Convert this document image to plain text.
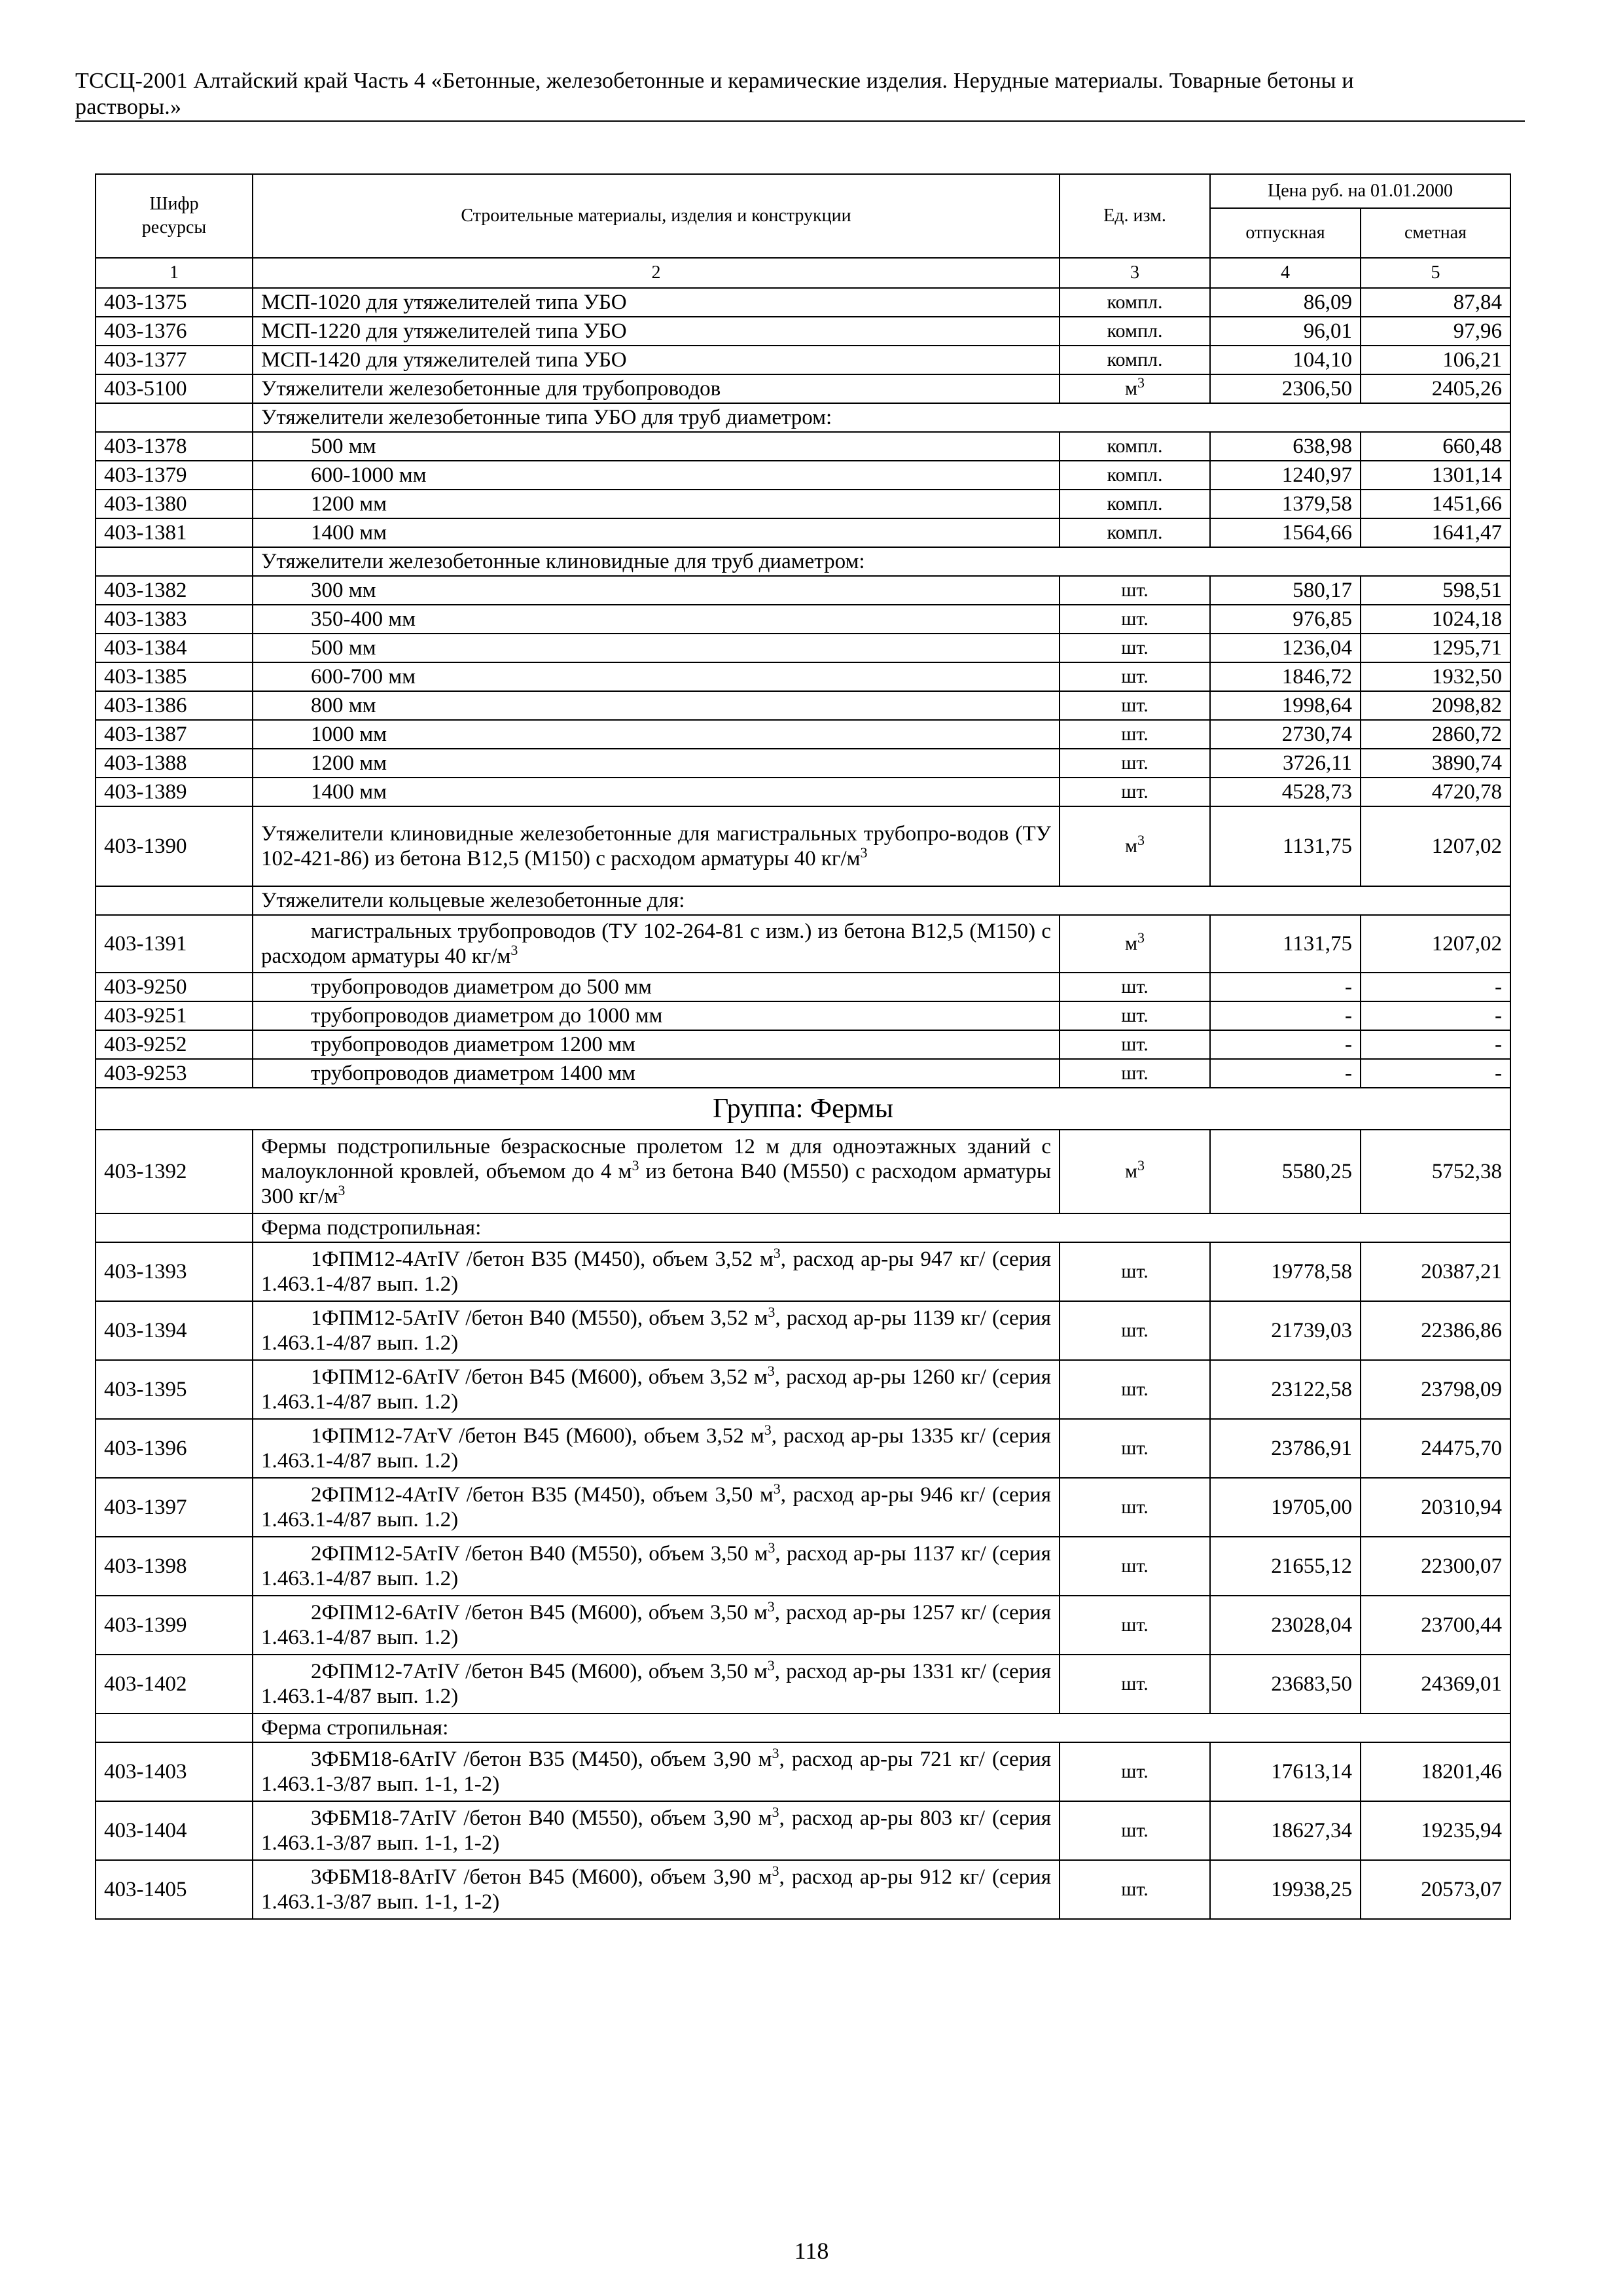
ТССЦ-2001 Алтайский край Часть 4 «Бетонные, железобетонные и керамические изделия. Нерудные материалы. Товарные бетоны и
растворы.»
Шифр ресурсы	Строительные материалы, изделия и конструкции	Ед. изм.	Цена руб. на 01.01.2000	
			отпускная	сметная
1	2	3	4	5
403-1375	МСП-1020 для утяжелителей типа УБО	компл.	86,09	87,84
403-1376	МСП-1220 для утяжелителей типа УБО	компл.	96,01	97,96
403-1377	МСП-1420 для утяжелителей типа УБО	компл.	104,10	106,21
403-5100	Утяжелители железобетонные для трубопроводов	$м^3$	2306,50	2405,26
	Утяжелители железобетонные типа УБО для труб диаметром:			
403-1378	500 мм	компл.	638,98	660,48
403-1379	600-1000 мм	компл.	1240,97	1301,14
403-1380	1200 мм	компл.	1379,58	1451,66
403-1381	1400 мм	компл.	1564,66	1641,47
	Утяжелители железобетонные клиновидные для труб диаметром:			
403-1382	300 мм	шт.	580,17	598,51
403-1383	350-400 мм	шт.	976,85	1024,18
403-1384	500 мм	шт.	1236,04	1295,71
403-1385	600-700 мм	шт.	1846,72	1932,50
403-1386	800 мм	шт.	1998,64	2098,82
403-1387	1000 мм	шт.	2730,74	2860,72
403-1388	1200 мм	шт.	3726,11	3890,74
403-1389	1400 мм	шт.	4528,73	4720,78
403-1390	Утяжелители клиновидные железобетонные для магистральных трубопро-водов (ТУ 102-421-86) из бетона В12,5 (М150) с расходом арматуры 40 $кг/м^3$	$м^3$	1131,75	1207,02
	Утяжелители кольцевые железобетонные для:			
403-1391	магистральных трубопроводов (ТУ 102-264-81 с изм.) из бетона В12,5 (М150) с расходом арматуры 40 $кг/м^3$	$м^3$	1131,75	1207,02
403-9250	трубопроводов диаметром до 500 мм	шт.	-	-
403-9251	трубопроводов диаметром до 1000 мм	шт.	-	-
403-9252	трубопроводов диаметром 1200 мм	шт.	-	-
403-9253	трубопроводов диаметром 1400 мм	шт.	-	-
Группа: Фермы				
403-1392	Фермы подстропильные безраскосные пролетом 12 м для одноэтажных зданий с малоуклонной кровлей, объемом до 4 $м^3$ из бетона В40 (М550) с расходом арматуры 300 $кг/м^3$	$м^3$	5580,25	5752,38
	Ферма подстропильная:			
403-1393	1ФПМ12-4АтIV /бетон В35 (М450), объем 3,52 $м^3$, расход ар-ры 947 кг/ (серия 1.463.1-4/87 вып. 1.2)	шт.	19778,58	20387,21
403-1394	1ФПМ12-5АтIV /бетон В40 (М550), объем 3,52 $м^3$, расход ар-ры 1139 кг/ (серия 1.463.1-4/87 вып. 1.2)	шт.	21739,03	22386,86
403-1395	1ФПМ12-6АтIV /бетон В45 (М600), объем 3,52 $м^3$, расход ар-ры 1260 кг/ (серия 1.463.1-4/87 вып. 1.2)	шт.	23122,58	23798,09
403-1396	1ФПМ12-7АтV /бетон В45 (М600), объем 3,52 $м^3$, расход ар-ры 1335 кг/ (серия 1.463.1-4/87 вып. 1.2)	шт.	23786,91	24475,70
403-1397	2ФПМ12-4АтIV /бетон В35 (М450), объем 3,50 $м^3$, расход ар-ры 946 кг/ (серия 1.463.1-4/87 вып. 1.2)	шт.	19705,00	20310,94
403-1398	2ФПМ12-5АтIV /бетон В40 (М550), объем 3,50 $м^3$, расход ар-ры 1137 кг/ (серия 1.463.1-4/87 вып. 1.2)	шт.	21655,12	22300,07
403-1399	2ФПМ12-6АтIV /бетон В45 (М600), объем 3,50 $м^3$, расход ар-ры 1257 кг/ (серия 1.463.1-4/87 вып. 1.2)	шт.	23028,04	23700,44
403-1402	2ФПМ12-7АтIV /бетон В45 (М600), объем 3,50 $м^3$, расход ар-ры 1331 кг/ (серия 1.463.1-4/87 вып. 1.2)	шт.	23683,50	24369,01
	Ферма стропильная:			
403-1403	3ФБМ18-6АтIV /бетон В35 (М450), объем 3,90 $м^3$, расход ар-ры 721 кг/ (серия 1.463.1-3/87 вып. 1-1, 1-2)	шт.	17613,14	18201,46
403-1404	3ФБМ18-7АтIV /бетон В40 (М550), объем 3,90 $м^3$, расход ар-ры 803 кг/ (серия 1.463.1-3/87 вып. 1-1, 1-2)	шт.	18627,34	19235,94
403-1405	3ФБМ18-8АтIV /бетон В45 (М600), объем 3,90 $м^3$, расход ар-ры 912 кг/ (серия 1.463.1-3/87 вып. 1-1, 1-2)	шт.	19938,25	20573,07
118
